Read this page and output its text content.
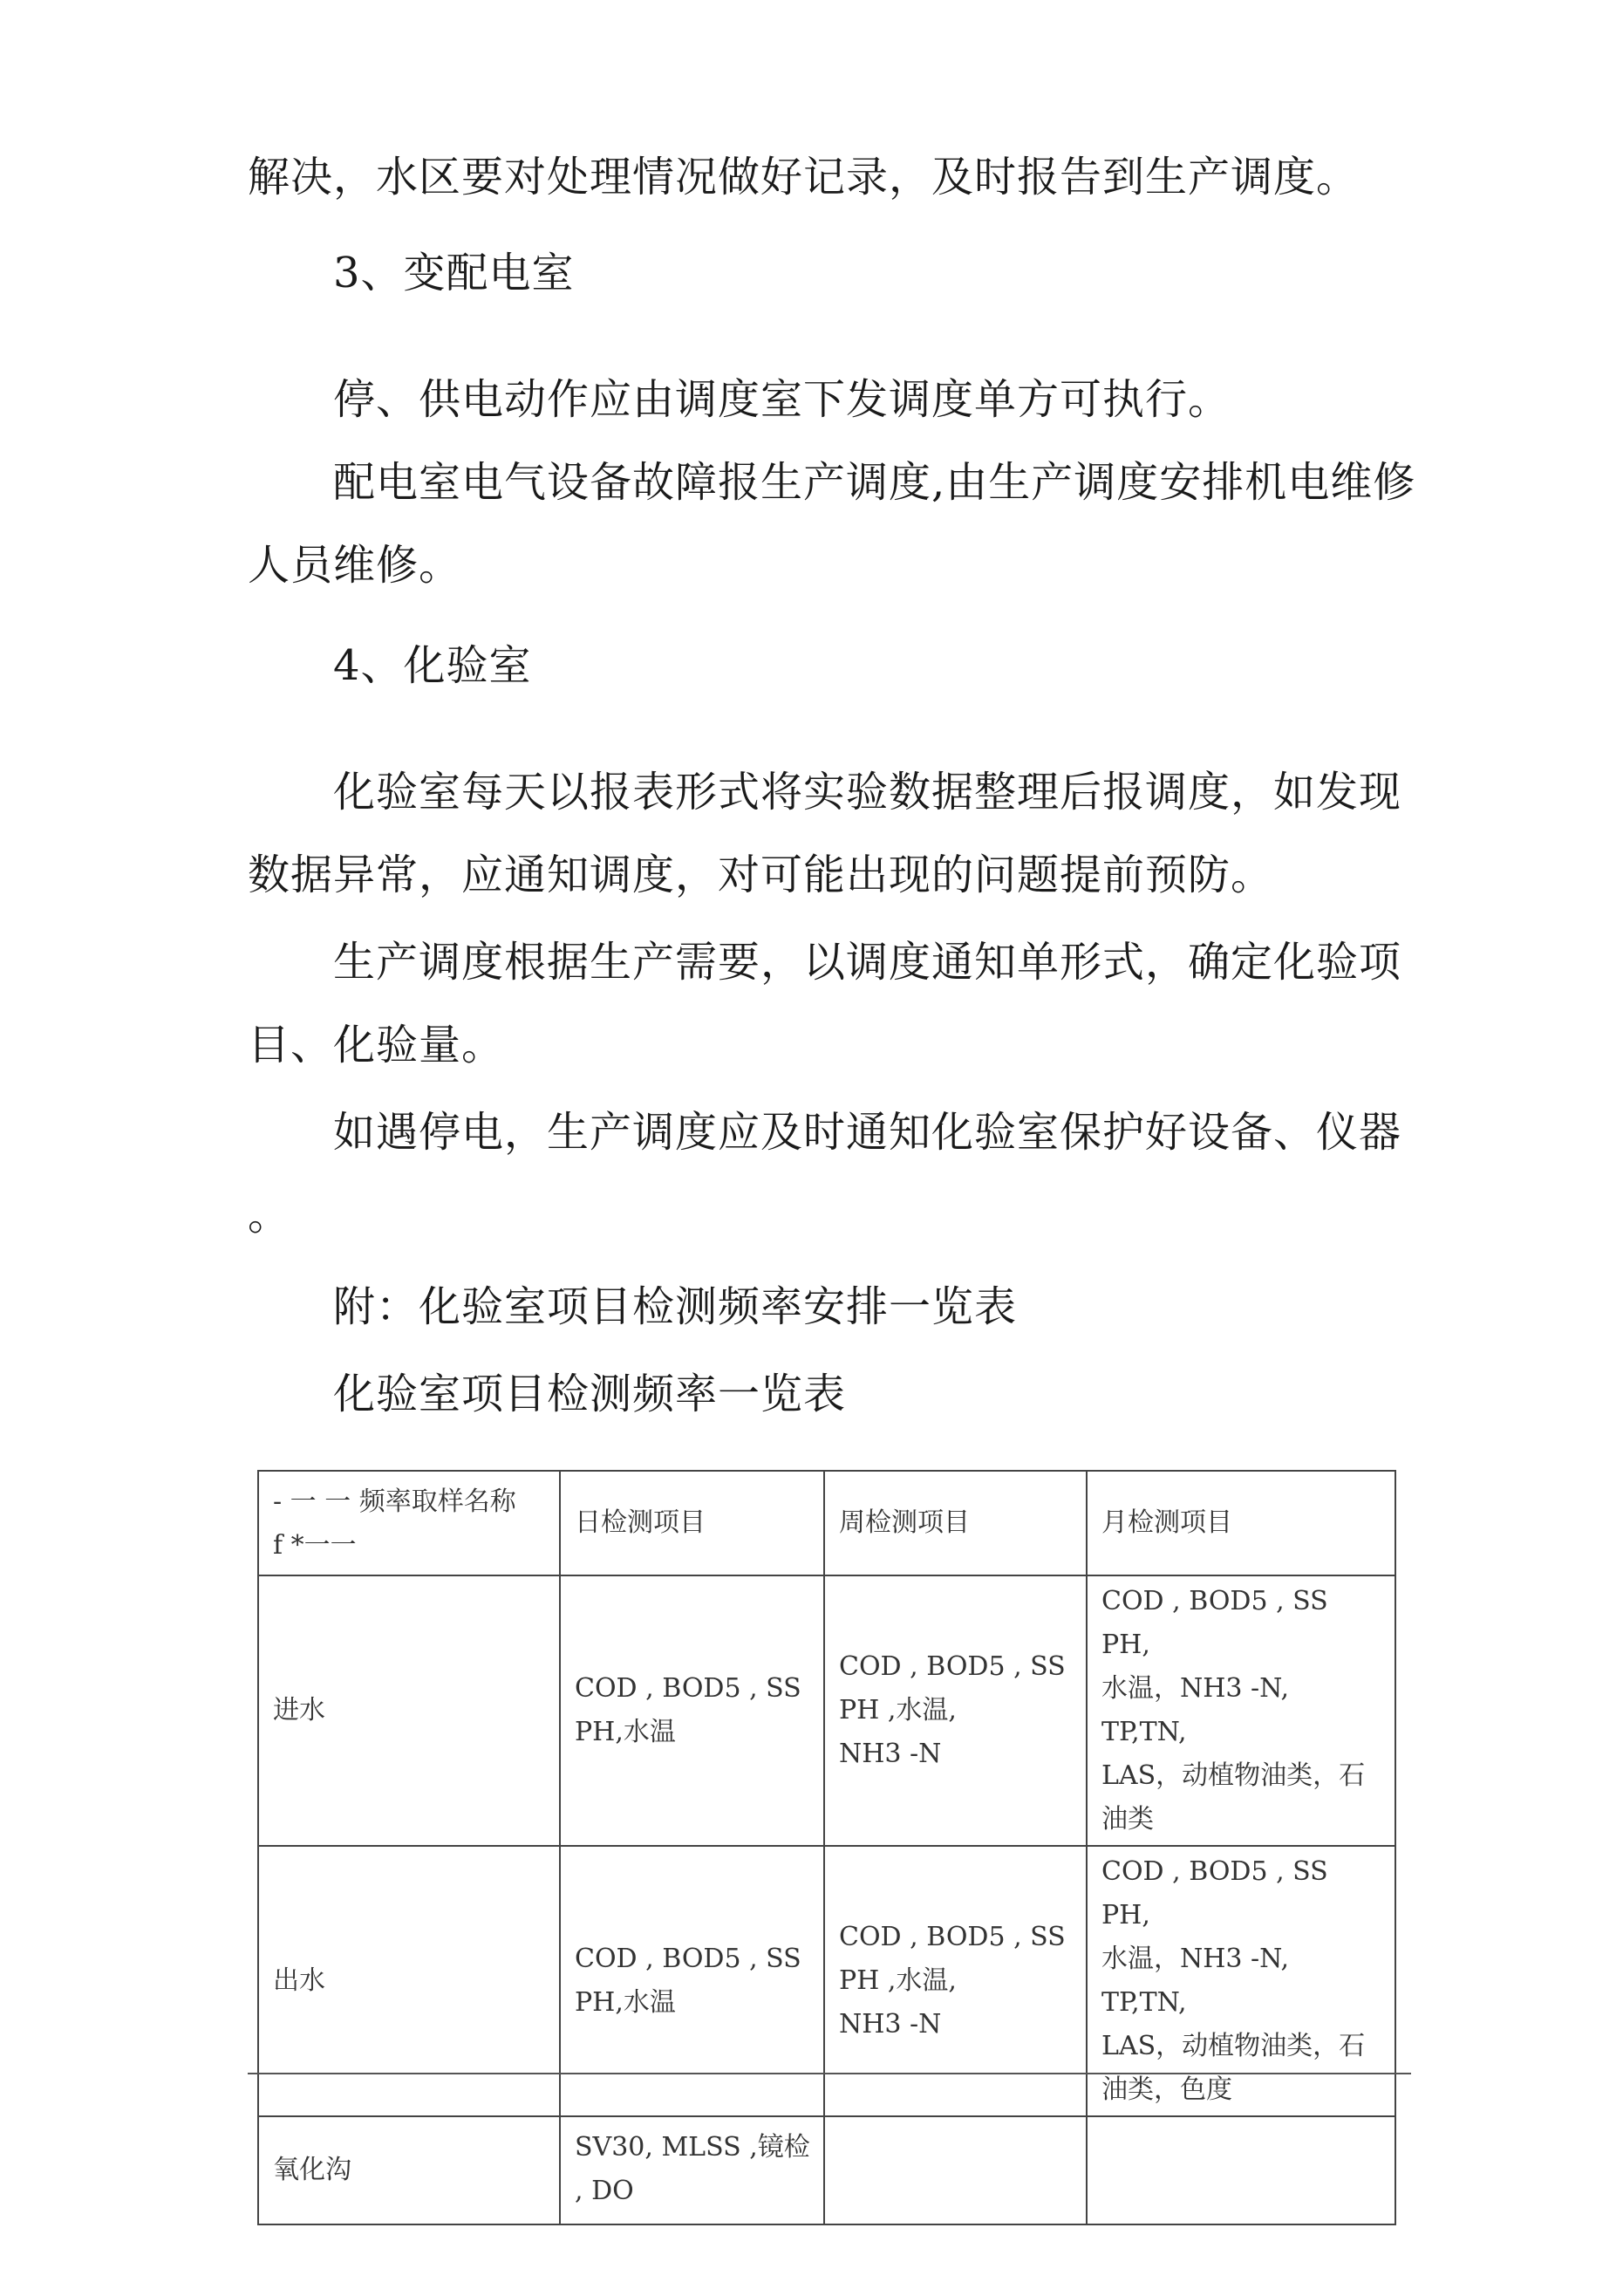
解决，水区要对处理情况做好记录，及时报告到生产调度。
3、变配电室
停、供电动作应由调度室下发调度单方可执行。
配电室电气设备故障报生产调度,由生产调度安排机电维修
人员维修。
4、化验室
化验室每天以报表形式将实验数据整理后报调度，如发现
数据异常，应通知调度，对可能出现的问题提前预防。
生产调度根据生产需要，以调度通知单形式，确定化验项
目、化验量。
如遇停电，生产调度应及时通知化验室保护好设备、仪器
。
附：化验室项目检测频率安排一览表
化验室项目检测频率一览表
- 一 一 频率取样名称
f *一一	日检测项目	周检测项目	月检测项目
进水	COD , BOD5 , SS
PH,水温	COD , BOD5 , SS
PH ,水温,
NH3 -N	COD , BOD5 , SS PH,
水温，NH3 -N, TP,TN,
LAS，动植物油类，石
油类
出水	COD , BOD5 , SS
PH,水温	COD , BOD5 , SS
PH ,水温,
NH3 -N	COD , BOD5 , SS PH,
水温，NH3 -N, TP,TN,
LAS，动植物油类，石
油类，色度
氧化沟	SV30, MLSS ,镜检
, DO		
